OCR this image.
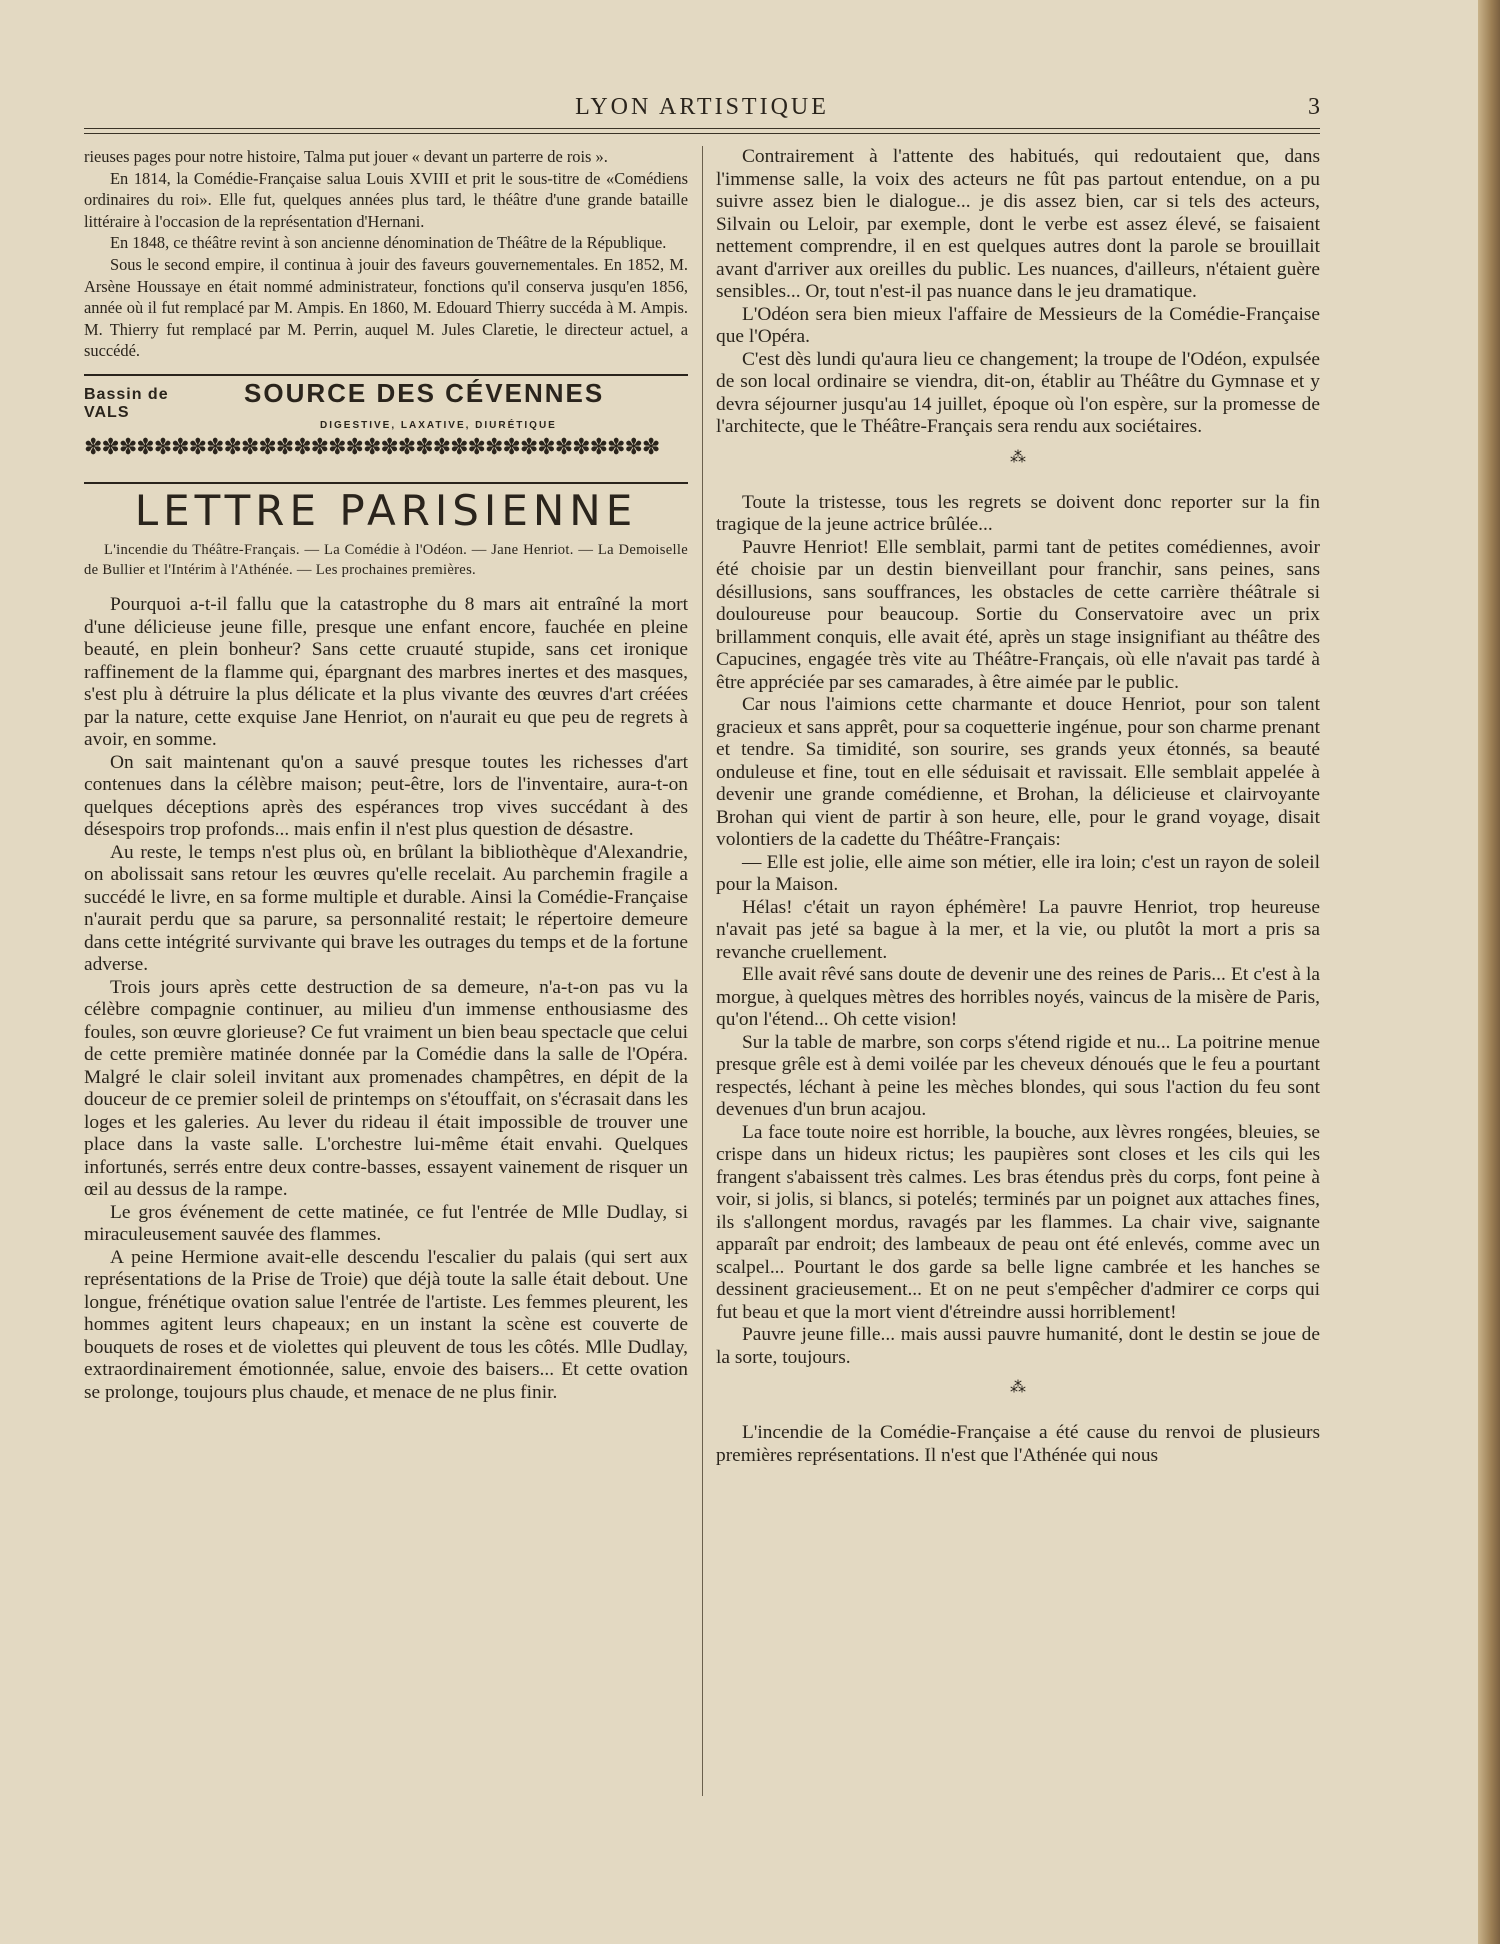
LYON ARTISTIQUE	3

rieuses pages pour notre histoire, Talma put jouer « devant un parterre de rois ».

En 1814, la Comédie-Française salua Louis XVIII et prit le sous-titre de «Comédiens ordinaires du roi». Elle fut, quelques années plus tard, le théâtre d'une grande bataille littéraire à l'occasion de la représentation d'Hernani.

En 1848, ce théâtre revint à son ancienne dénomination de Théâtre de la République.

Sous le second empire, il continua à jouir des faveurs gouvernementales. En 1852, M. Arsène Houssaye en était nommé administrateur, fonctions qu'il conserva jusqu'en 1856, année où il fut remplacé par M. Ampis. En 1860, M. Edouard Thierry succéda à M. Ampis. M. Thierry fut remplacé par M. Perrin, auquel M. Jules Claretie, le directeur actuel, a succédé.

Bassin de
VALS
SOURCE DES CÉVENNES
DIGESTIVE, LAXATIVE, DIURÉTIQUE
✽✽✽✽✽✽✽✽✽✽✽✽✽✽✽✽✽✽✽✽✽✽✽✽✽✽✽✽✽✽✽✽✽
LETTRE PARISIENNE

L'incendie du Théâtre-Français. — La Comédie à l'Odéon. — Jane Henriot. — La Demoiselle de Bullier et l'Intérim à l'Athénée. — Les prochaines premières.

Pourquoi a-t-il fallu que la catastrophe du 8 mars ait entraîné la mort d'une délicieuse jeune fille, presque une enfant encore, fauchée en pleine beauté, en plein bonheur? Sans cette cruauté stupide, sans cet ironique raffinement de la flamme qui, épargnant des marbres inertes et des masques, s'est plu à détruire la plus délicate et la plus vivante des œuvres d'art créées par la nature, cette exquise Jane Henriot, on n'aurait eu que peu de regrets à avoir, en somme.

On sait maintenant qu'on a sauvé presque toutes les richesses d'art contenues dans la célèbre maison; peut-être, lors de l'inventaire, aura-t-on quelques déceptions après des espérances trop vives succédant à des désespoirs trop profonds... mais enfin il n'est plus question de désastre.

Au reste, le temps n'est plus où, en brûlant la bibliothèque d'Alexandrie, on abolissait sans retour les œuvres qu'elle recelait. Au parchemin fragile a succédé le livre, en sa forme multiple et durable. Ainsi la Comédie-Française n'aurait perdu que sa parure, sa personnalité restait; le répertoire demeure dans cette intégrité survivante qui brave les outrages du temps et de la fortune adverse.

Trois jours après cette destruction de sa demeure, n'a-t-on pas vu la célèbre compagnie continuer, au milieu d'un immense enthousiasme des foules, son œuvre glorieuse? Ce fut vraiment un bien beau spectacle que celui de cette première matinée donnée par la Comédie dans la salle de l'Opéra. Malgré le clair soleil invitant aux promenades champêtres, en dépit de la douceur de ce premier soleil de printemps on s'étouffait, on s'écrasait dans les loges et les galeries. Au lever du rideau il était impossible de trouver une place dans la vaste salle. L'orchestre lui-même était envahi. Quelques infortunés, serrés entre deux contre-basses, essayent vainement de risquer un œil au dessus de la rampe.

Le gros événement de cette matinée, ce fut l'entrée de Mlle Dudlay, si miraculeusement sauvée des flammes.

A peine Hermione avait-elle descendu l'escalier du palais (qui sert aux représentations de la Prise de Troie) que déjà toute la salle était debout. Une longue, frénétique ovation salue l'entrée de l'artiste. Les femmes pleurent, les hommes agitent leurs chapeaux; en un instant la scène est couverte de bouquets de roses et de violettes qui pleuvent de tous les côtés. Mlle Dudlay, extraordinairement émotionnée, salue, envoie des baisers... Et cette ovation se prolonge, toujours plus chaude, et menace de ne plus finir.

Contrairement à l'attente des habitués, qui redoutaient que, dans l'immense salle, la voix des acteurs ne fût pas partout entendue, on a pu suivre assez bien le dialogue... je dis assez bien, car si tels des acteurs, Silvain ou Leloir, par exemple, dont le verbe est assez élevé, se faisaient nettement comprendre, il en est quelques autres dont la parole se brouillait avant d'arriver aux oreilles du public. Les nuances, d'ailleurs, n'étaient guère sensibles... Or, tout n'est-il pas nuance dans le jeu dramatique.

L'Odéon sera bien mieux l'affaire de Messieurs de la Comédie-Française que l'Opéra.

C'est dès lundi qu'aura lieu ce changement; la troupe de l'Odéon, expulsée de son local ordinaire se viendra, dit-on, établir au Théâtre du Gymnase et y devra séjourner jusqu'au 14 juillet, époque où l'on espère, sur la promesse de l'architecte, que le Théâtre-Français sera rendu aux sociétaires.

⁂

Toute la tristesse, tous les regrets se doivent donc reporter sur la fin tragique de la jeune actrice brûlée...

Pauvre Henriot! Elle semblait, parmi tant de petites comédiennes, avoir été choisie par un destin bienveillant pour franchir, sans peines, sans désillusions, sans souffrances, les obstacles de cette carrière théâtrale si douloureuse pour beaucoup. Sortie du Conservatoire avec un prix brillamment conquis, elle avait été, après un stage insignifiant au théâtre des Capucines, engagée très vite au Théâtre-Français, où elle n'avait pas tardé à être appréciée par ses camarades, à être aimée par le public.

Car nous l'aimions cette charmante et douce Henriot, pour son talent gracieux et sans apprêt, pour sa coquetterie ingénue, pour son charme prenant et tendre. Sa timidité, son sourire, ses grands yeux étonnés, sa beauté onduleuse et fine, tout en elle séduisait et ravissait. Elle semblait appelée à devenir une grande comédienne, et Brohan, la délicieuse et clairvoyante Brohan qui vient de partir à son heure, elle, pour le grand voyage, disait volontiers de la cadette du Théâtre-Français:

— Elle est jolie, elle aime son métier, elle ira loin; c'est un rayon de soleil pour la Maison.

Hélas! c'était un rayon éphémère! La pauvre Henriot, trop heureuse n'avait pas jeté sa bague à la mer, et la vie, ou plutôt la mort a pris sa revanche cruellement.

Elle avait rêvé sans doute de devenir une des reines de Paris... Et c'est à la morgue, à quelques mètres des horribles noyés, vaincus de la misère de Paris, qu'on l'étend... Oh cette vision!

Sur la table de marbre, son corps s'étend rigide et nu... La poitrine menue presque grêle est à demi voilée par les cheveux dénoués que le feu a pourtant respectés, léchant à peine les mèches blondes, qui sous l'action du feu sont devenues d'un brun acajou.

La face toute noire est horrible, la bouche, aux lèvres rongées, bleuies, se crispe dans un hideux rictus; les paupières sont closes et les cils qui les frangent s'abaissent très calmes. Les bras étendus près du corps, font peine à voir, si jolis, si blancs, si potelés; terminés par un poignet aux attaches fines, ils s'allongent mordus, ravagés par les flammes. La chair vive, saignante apparaît par endroit; des lambeaux de peau ont été enlevés, comme avec un scalpel... Pourtant le dos garde sa belle ligne cambrée et les hanches se dessinent gracieusement... Et on ne peut s'empêcher d'admirer ce corps qui fut beau et que la mort vient d'étreindre aussi horriblement!

Pauvre jeune fille... mais aussi pauvre humanité, dont le destin se joue de la sorte, toujours.

⁂

L'incendie de la Comédie-Française a été cause du renvoi de plusieurs premières représentations. Il n'est que l'Athénée qui nous
